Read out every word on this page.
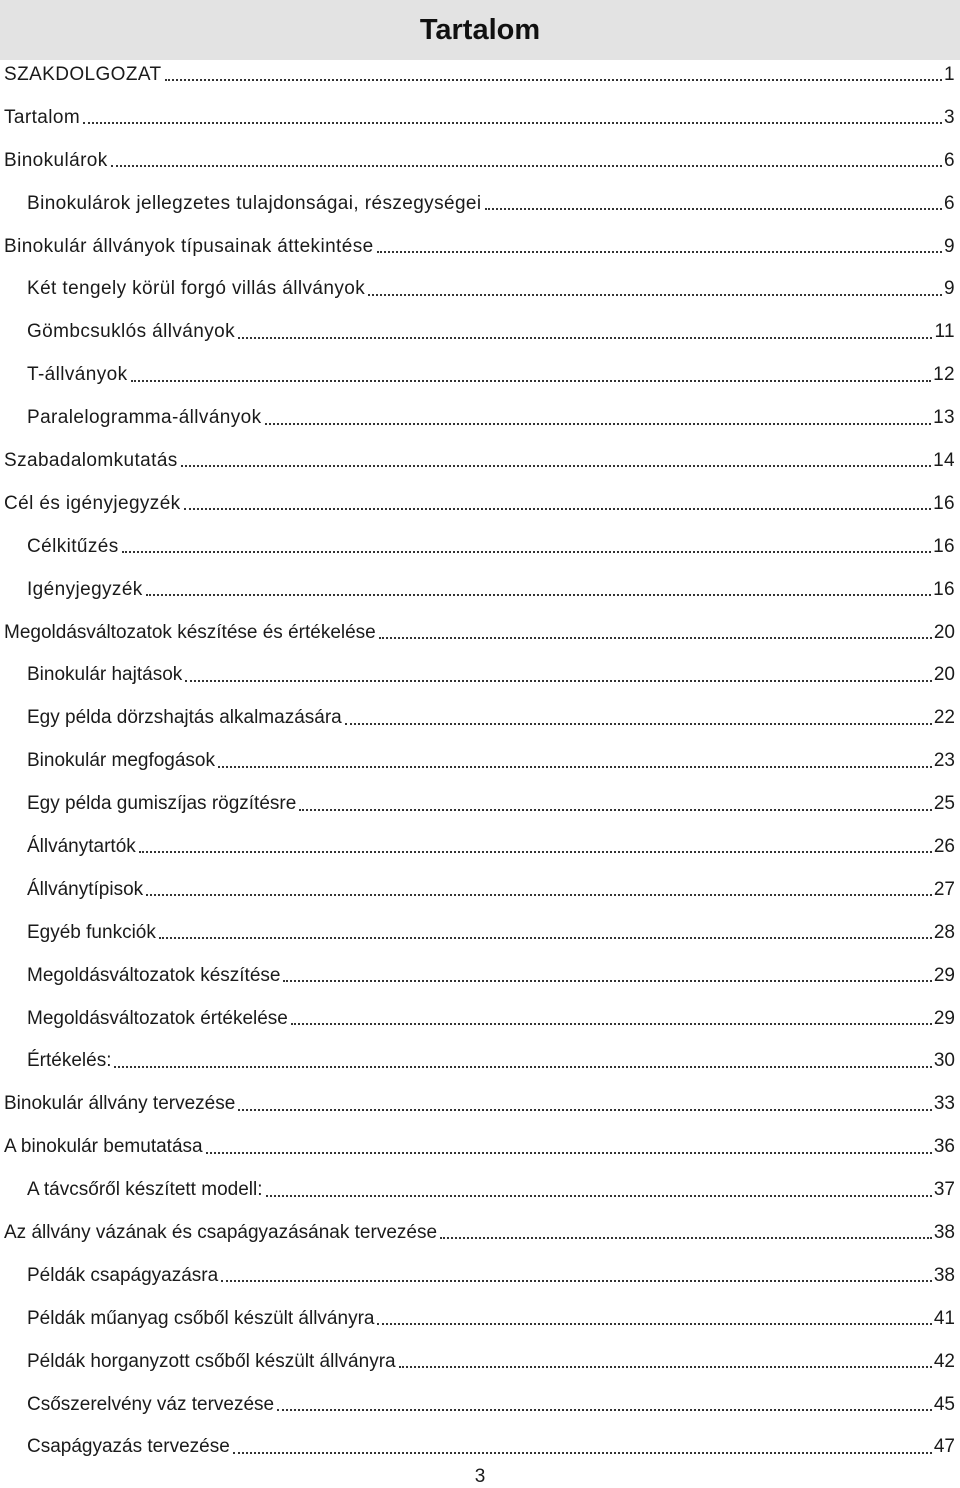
Tartalom
SZAKDOLGOZAT	1
Tartalom	3
Binokulárok	6
Binokulárok jellegzetes tulajdonságai, részegységei	6
Binokulár állványok típusainak áttekintése	9
Két tengely körül forgó villás állványok	9
Gömbcsuklós állványok	11
T-állványok	12
Paralelogramma-állványok	13
Szabadalomkutatás	14
Cél és igényjegyzék	16
Célkitűzés	16
Igényjegyzék	16
Megoldásváltozatok készítése és értékelése	20
Binokulár hajtások	20
Egy példa dörzshajtás alkalmazására	22
Binokulár megfogások	23
Egy példa gumiszíjas rögzítésre	25
Állványtartók	26
Állványtípisok	27
Egyéb funkciók	28
Megoldásváltozatok készítése	29
Megoldásváltozatok értékelése	29
Értékelés:	30
Binokulár állvány tervezése	33
A binokulár bemutatása	36
A távcsőről készített modell:	37
Az állvány vázának és csapágyazásának tervezése	38
Példák csapágyazásra	38
Példák műanyag csőből készült állványra	41
Példák horganyzott csőből készült állványra	42
Csőszerelvény váz tervezése	45
Csapágyazás tervezése	47
3
